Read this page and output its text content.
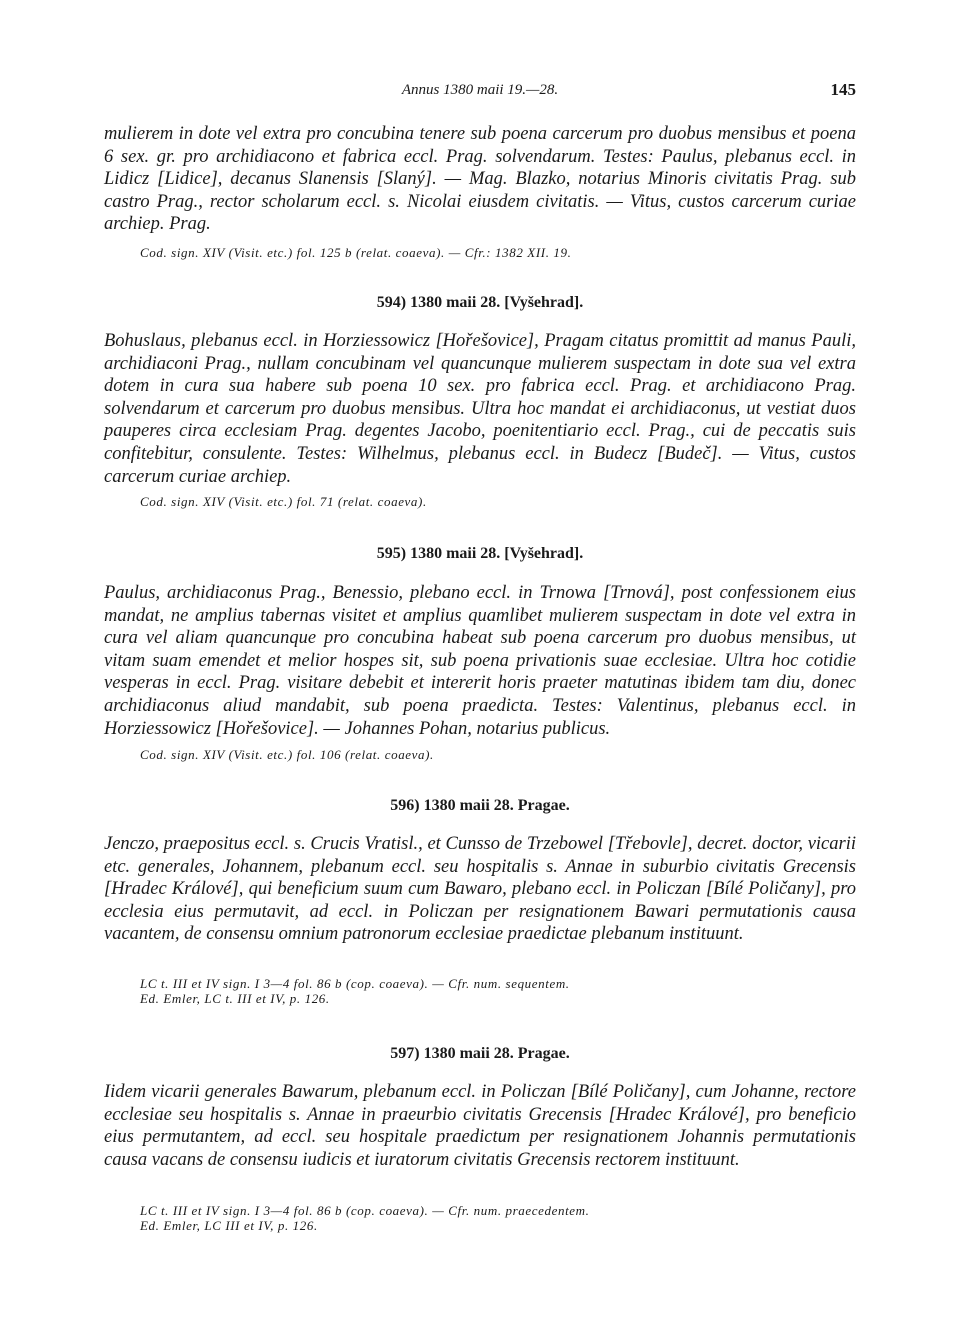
Annus 1380 maii 19.—28.	145

mulierem in dote vel extra pro concubina tenere sub poena carcerum pro duobus mensibus et poena 6 sex. gr. pro archidiacono et fabrica eccl. Prag. solvendarum. Testes: Paulus, plebanus eccl. in Lidicz [Lidice], decanus Slanensis [Slaný]. — Mag. Blazko, notarius Minoris civitatis Prag. sub castro Prag., rector scholarum eccl. s. Nicolai eiusdem civitatis. — Vitus, custos carcerum curiae archiep. Prag.

Cod. sign. XIV (Visit. etc.) fol. 125 b (relat. coaeva). — Cfr.: 1382 XII. 19.

594) 1380 maii 28. [Vyšehrad].

Bohuslaus, plebanus eccl. in Horziessowicz [Hořešovice], Pragam citatus promittit ad manus Pauli, archidiaconi Prag., nullam concubinam vel quancunque mulierem suspectam in dote sua vel extra dotem in cura sua habere sub poena 10 sex. pro fabrica eccl. Prag. et archidiacono Prag. solvendarum et carcerum pro duobus mensibus. Ultra hoc mandat ei archidiaconus, ut vestiat duos pauperes circa ecclesiam Prag. degentes Jacobo, poenitentiario eccl. Prag., cui de peccatis suis confitebitur, consulente. Testes: Wilhelmus, plebanus eccl. in Budecz [Budeč]. — Vitus, custos carcerum curiae archiep.

Cod. sign. XIV (Visit. etc.) fol. 71 (relat. coaeva).

595) 1380 maii 28. [Vyšehrad].

Paulus, archidiaconus Prag., Benessio, plebano eccl. in Trnowa [Trnová], post confessionem eius mandat, ne amplius tabernas visitet et amplius quamlibet mulierem suspectam in dote vel extra in cura vel aliam quancunque pro concubina habeat sub poena carcerum pro duobus mensibus, ut vitam suam emendet et melior hospes sit, sub poena privationis suae ecclesiae. Ultra hoc cotidie vesperas in eccl. Prag. visitare debebit et intererit horis praeter matutinas ibidem tam diu, donec archidiaconus aliud mandabit, sub poena praedicta. Testes: Valentinus, plebanus eccl. in Horziessowicz [Hořešovice]. — Johannes Pohan, notarius publicus.

Cod. sign. XIV (Visit. etc.) fol. 106 (relat. coaeva).

596) 1380 maii 28. Pragae.

Jenczo, praepositus eccl. s. Crucis Vratisl., et Cunsso de Trzebowel [Třebovle], decret. doctor, vicarii etc. generales, Johannem, plebanum eccl. seu hospitalis s. Annae in suburbio civitatis Grecensis [Hradec Králové], qui beneficium suum cum Bawaro, plebano eccl. in Policzan [Bílé Poličany], pro ecclesia eius permutavit, ad eccl. in Policzan per resignationem Bawari permutationis causa vacantem, de consensu omnium patronorum ecclesiae praedictae plebanum instituunt.

LC t. III et IV sign. I 3—4 fol. 86 b (cop. coaeva). — Cfr. num. sequentem.
Ed. Emler, LC t. III et IV, p. 126.

597) 1380 maii 28. Pragae.

Iidem vicarii generales Bawarum, plebanum eccl. in Policzan [Bílé Poličany], cum Johanne, rectore ecclesiae seu hospitalis s. Annae in praeurbio civitatis Grecensis [Hradec Králové], pro beneficio eius permutantem, ad eccl. seu hospitale praedictum per resignationem Johannis permutationis causa vacans de consensu iudicis et iuratorum civitatis Grecensis rectorem instituunt.

LC t. III et IV sign. I 3—4 fol. 86 b (cop. coaeva). — Cfr. num. praecedentem.
Ed. Emler, LC III et IV, p. 126.
